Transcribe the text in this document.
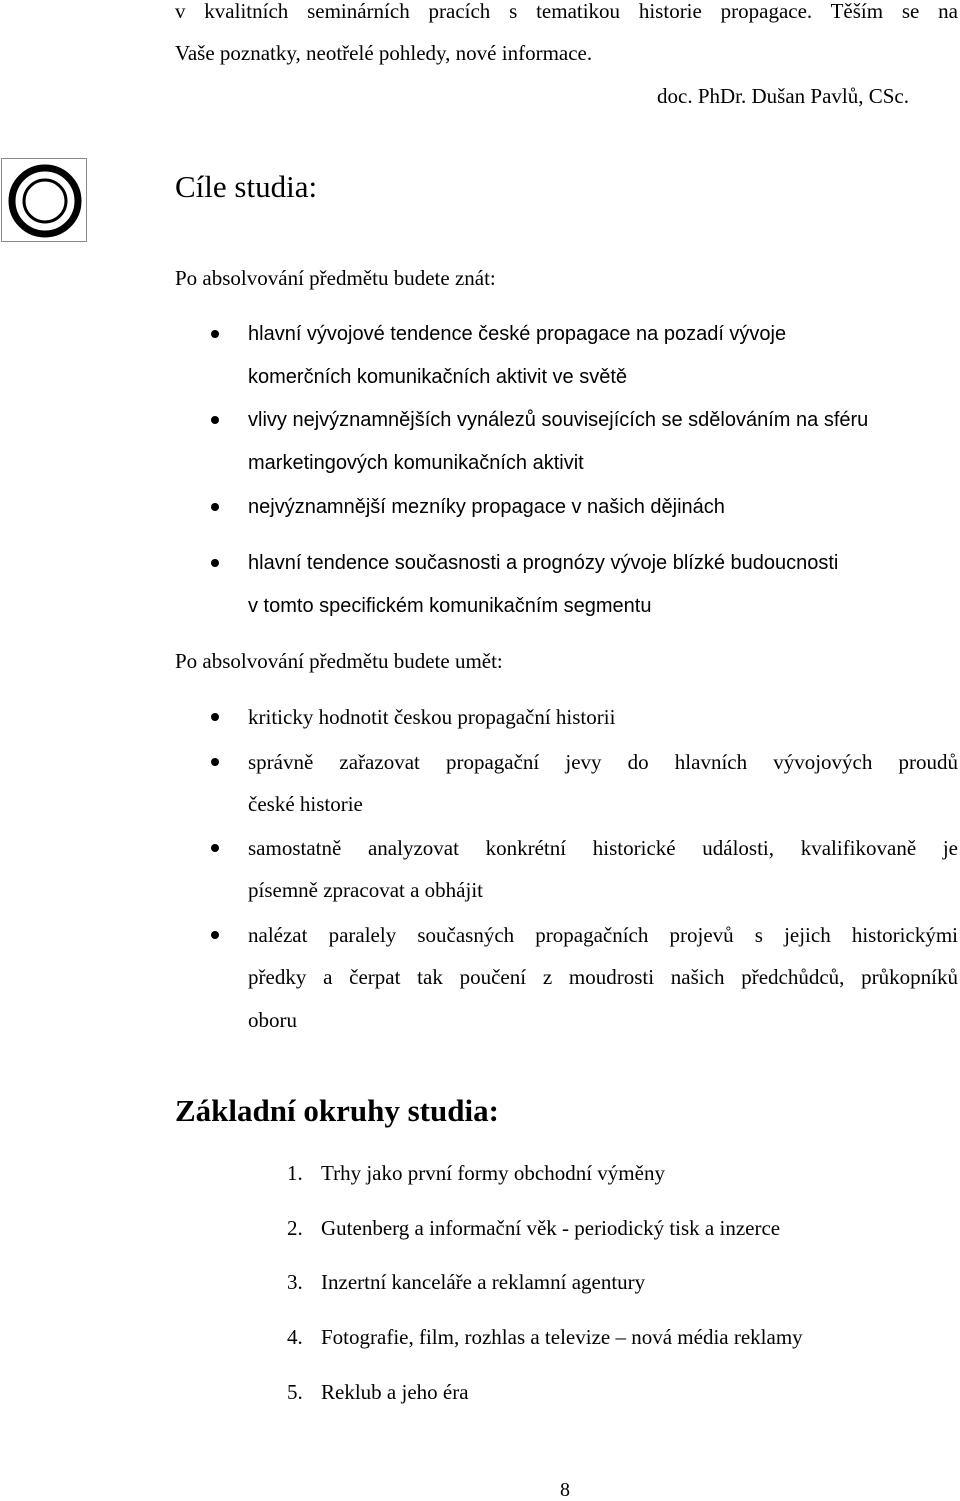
v kvalitních seminárních pracích s tematikou historie propagace. Těším se na
Vaše poznatky, neotřelé pohledy, nové informace.
doc. PhDr. Dušan Pavlů, CSc.
Cíle studia:
Po absolvování předmětu budete znát:
hlavní vývojové tendence české propagace na pozadí vývoje
komerčních komunikačních aktivit ve světě
vlivy nejvýznamnějších vynálezů souvisejících se sdělováním na sféru
marketingových komunikačních aktivit
nejvýznamnější mezníky propagace v našich dějinách
hlavní tendence současnosti a prognózy vývoje blízké budoucnosti
v tomto specifickém komunikačním segmentu
Po absolvování předmětu budete umět:
kriticky hodnotit českou propagační historii
správně zařazovat propagační jevy do hlavních vývojových proudů
české historie
samostatně analyzovat konkrétní historické události, kvalifikovaně je
písemně zpracovat a obhájit
nalézat paralely současných propagačních projevů s jejich historickými
předky a čerpat tak poučení z moudrosti našich předchůdců, průkopníků
oboru
Základní okruhy studia:
1. Trhy jako první formy obchodní výměny
2. Gutenberg a informační věk - periodický tisk a inzerce
3. Inzertní kanceláře a reklamní agentury
4. Fotografie, film, rozhlas a televize – nová média reklamy
5. Reklub a jeho éra
8
